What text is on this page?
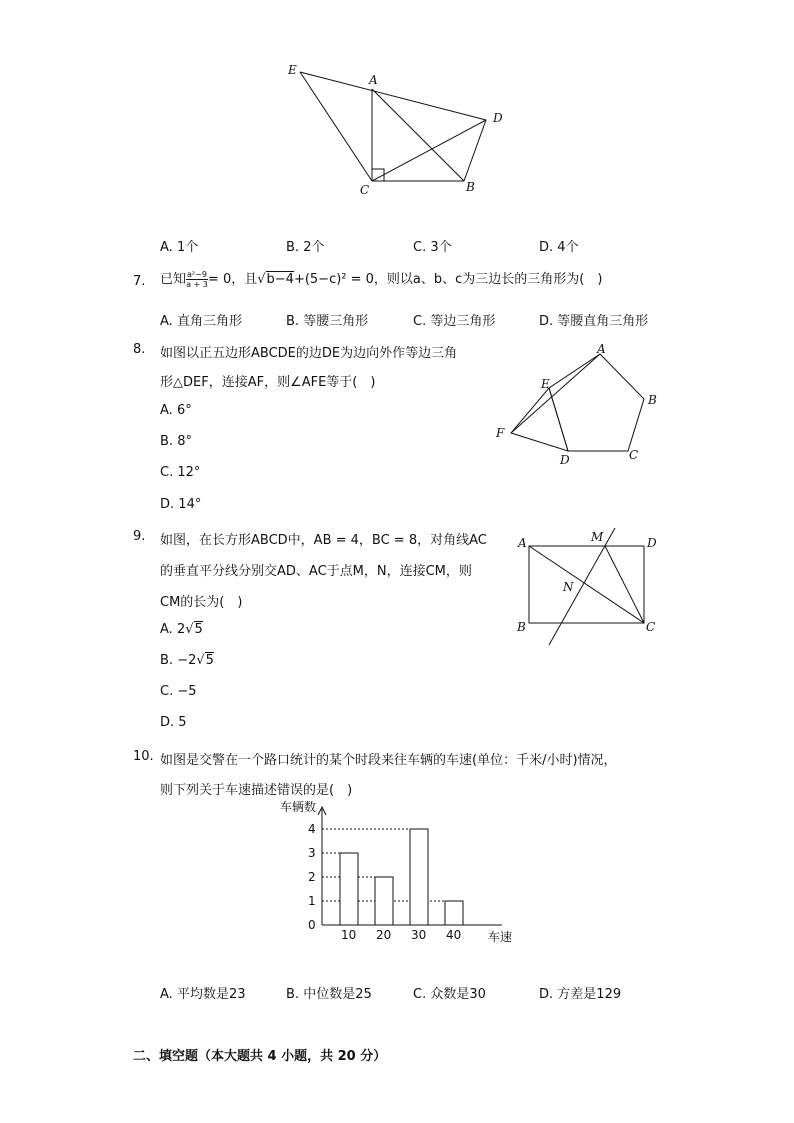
E
A
D
C	B
A. 1个	B. 2个	C. 3个	D. 4个
7. 已知 $\frac{\text{a²−9}}{a + 3} = 0$，且√b−4+(5−c)² = 0，则以a、b、c为三边长的三角形为(　)
A. 直角三角形	B. 等腰三角形	C. 等边三角形	D. 等腰直角三角形
8. 如图以正五边形ABCDE的边DE为边向外作等边三角
形△DEF，连接AF，则∠AFE等于(　)
A. 6°
B. 8°
C. 12°
D. 14°
A
B
C
D
E
F
9. 如图，在长方形ABCD中，AB = 4，BC = 8，对角线AC
的垂直平分线分别交AD、AC于点M，N，连接CM，则
CM的长为(　)
A. 2√5
B. −2√5
C. −5
D. 5
A	M	D
N
B	C
10. 如图是交警在一个路口统计的某个时段来往车辆的车速(单位：千米/小时)情况，
则下列关于车速描述错误的是(　)
车辆数
车速
0
1
2
3
4
10 20 30 40
A. 平均数是23	B. 中位数是25	C. 众数是30	D. 方差是129
二、填空题（本大题共 4 小题，共 20 分）
